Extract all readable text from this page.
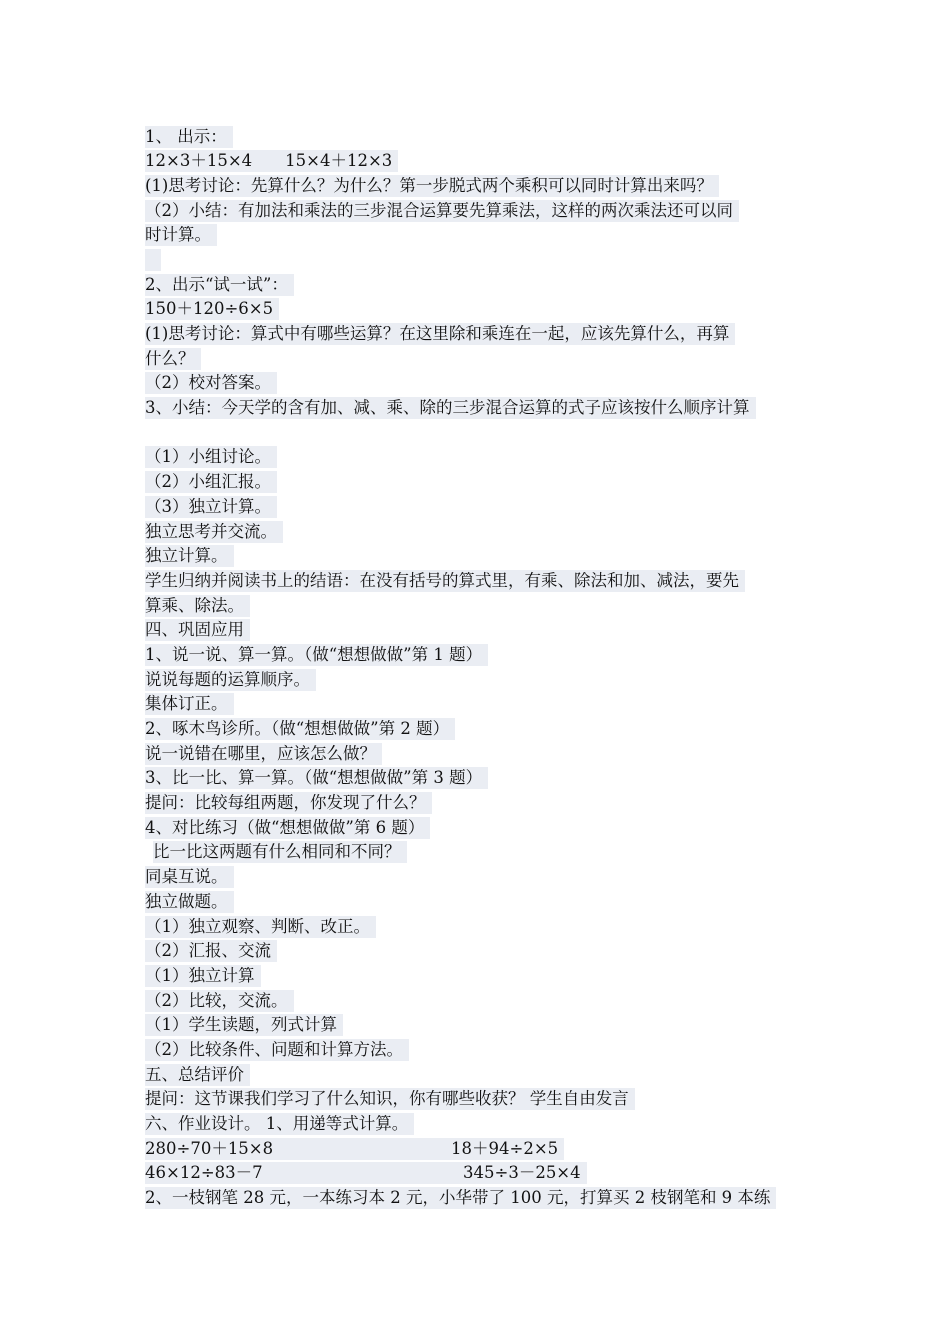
1、 出示：
12×3＋15×4　　15×4＋12×3
(1)思考讨论：先算什么？为什么？第一步脱式两个乘积可以同时计算出来吗？
（2）小结：有加法和乘法的三步混合运算要先算乘法，这样的两次乘法还可以同
时计算。
2、出示“试一试”：
150＋120÷6×5
(1)思考讨论：算式中有哪些运算？在这里除和乘连在一起，应该先算什么，再算
什么？
（2）校对答案。
3、小结：今天学的含有加、减、乘、除的三步混合运算的式子应该按什么顺序计算
（1）小组讨论。
（2）小组汇报。
（3）独立计算。
独立思考并交流。
独立计算。
学生归纳并阅读书上的结语：在没有括号的算式里，有乘、除法和加、减法，要先
算乘、除法。
四、巩固应用
1、说一说、算一算。（做“想想做做”第 1 题）
说说每题的运算顺序。
集体订正。
2、啄木鸟诊所。（做“想想做做”第 2 题）
说一说错在哪里，应该怎么做？
3、比一比、算一算。（做“想想做做”第 3 题）
提问：比较每组两题，你发现了什么？
4、对比练习（做“想想做做”第 6 题）
比一比这两题有什么相同和不同？
同桌互说。
独立做题。
（1）独立观察、判断、改正。
（2）汇报、交流
（1）独立计算
（2）比较，交流。
（1）学生读题，列式计算
（2）比较条件、问题和计算方法。
五、总结评价
提问：这节课我们学习了什么知识，你有哪些收获？ 学生自由发言
六、作业设计。 1、用递等式计算。
280÷70＋15×8	18＋94÷2×5
46×12÷83－7	345÷3－25×4
2、一枝钢笔 28 元，一本练习本 2 元，小华带了 100 元，打算买 2 枝钢笔和 9 本练
